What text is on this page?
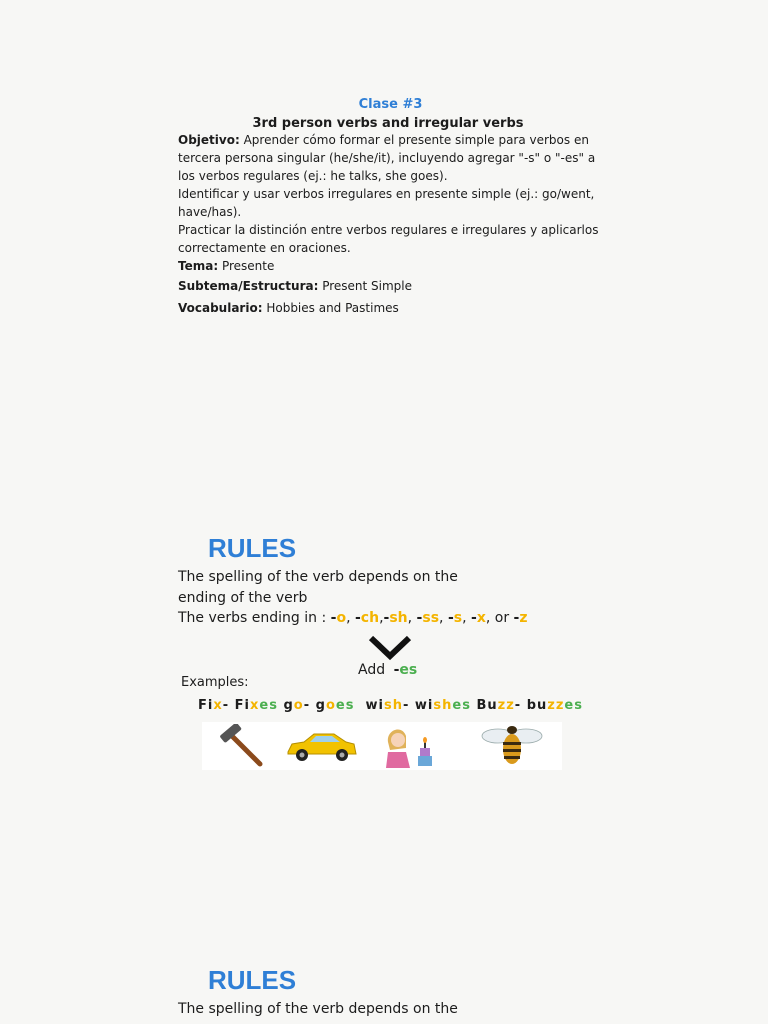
Clase #3
3rd person verbs and irregular verbs

Objetivo: Aprender cómo formar el presente simple para verbos en tercera persona singular (he/she/it), incluyendo agregar "-s" o "-es" a los verbos regulares (ej.: he talks, she goes).

Identificar y usar verbos irregulares en presente simple (ej.: go/went, have/has).

Practicar la distinción entre verbos regulares e irregulares y aplicarlos correctamente en oraciones.

Tema: Presente

Subtema/Estructura: Present Simple

Vocabulario: Hobbies and Pastimes

RULES
The spelling of the verb depends on the
ending of the verb
The verbs ending in : -o, -ch,-sh, -ss, -s, -x, or -z
Add -es
Examples:
Fix- Fixes go- goes wish- wishes Buzz- buzzes
RULES
The spelling of the verb depends on the
